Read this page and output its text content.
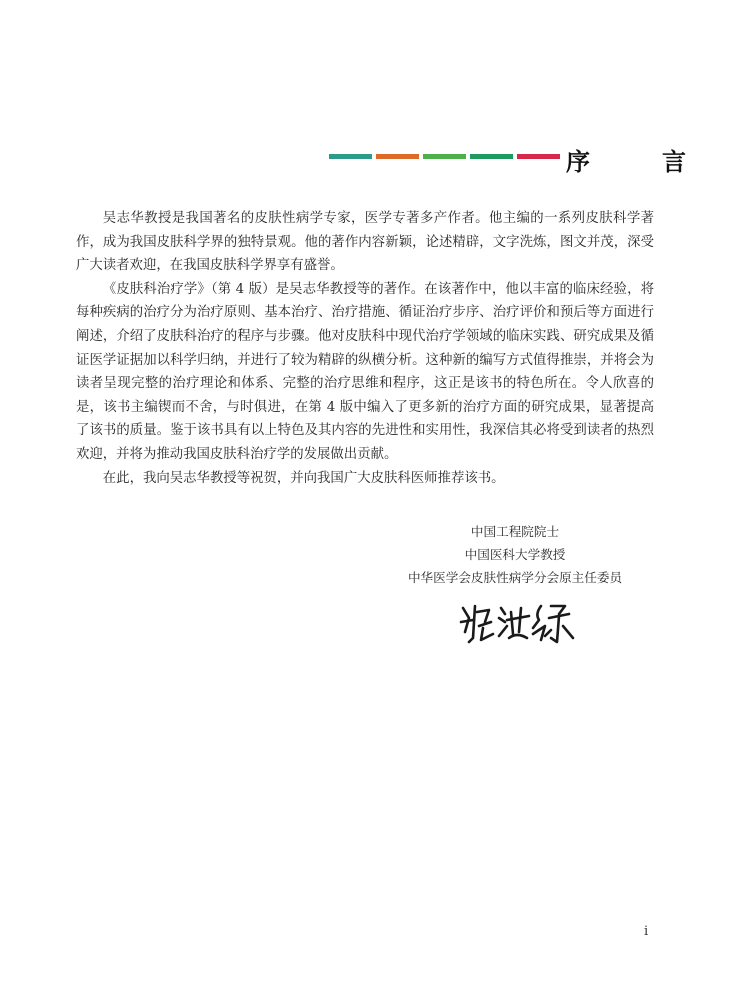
序　言

吴志华教授是我国著名的皮肤性病学专家，医学专著多产作者。他主编的一系列皮肤科学著作，成为我国皮肤科学界的独特景观。他的著作内容新颖，论述精辟，文字洗炼，图文并茂，深受广大读者欢迎，在我国皮肤科学界享有盛誉。

《皮肤科治疗学》（第 4 版）是吴志华教授等的著作。在该著作中，他以丰富的临床经验，将每种疾病的治疗分为治疗原则、基本治疗、治疗措施、循证治疗步序、治疗评价和预后等方面进行阐述，介绍了皮肤科治疗的程序与步骤。他对皮肤科中现代治疗学领域的临床实践、研究成果及循证医学证据加以科学归纳，并进行了较为精辟的纵横分析。这种新的编写方式值得推崇，并将会为读者呈现完整的治疗理论和体系、完整的治疗思维和程序，这正是该书的特色所在。令人欣喜的是，该书主编锲而不舍，与时俱进，在第 4 版中编入了更多新的治疗方面的研究成果，显著提高了该书的质量。鉴于该书具有以上特色及其内容的先进性和实用性，我深信其必将受到读者的热烈欢迎，并将为推动我国皮肤科治疗学的发展做出贡献。

在此，我向吴志华教授等祝贺，并向我国广大皮肤科医师推荐该书。

中国工程院院士
中国医科大学教授
中华医学会皮肤性病学分会原主任委员
i
